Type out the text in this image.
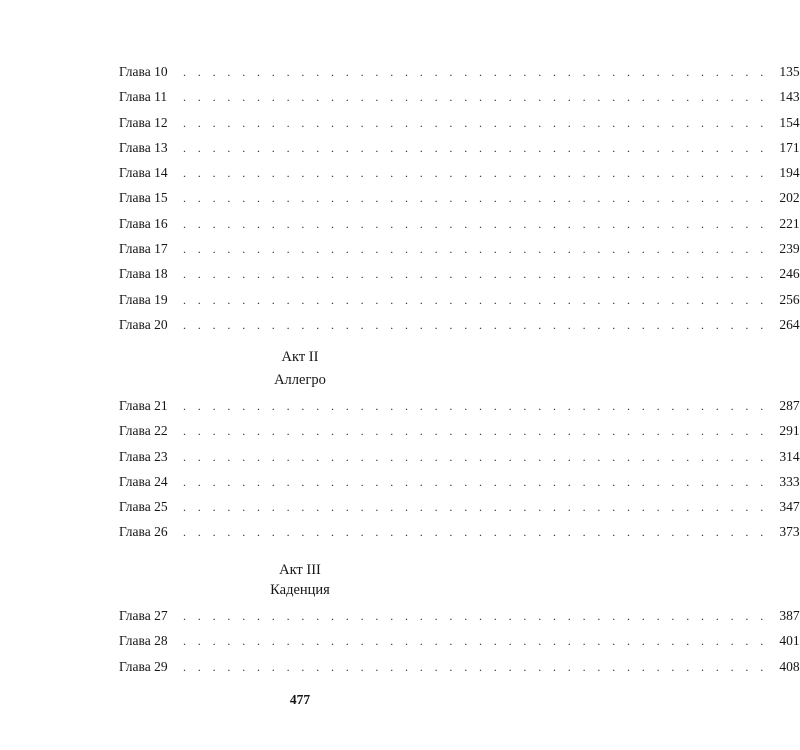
Глава 10	. . . . . . . . . . . . . . . . . . . . . . . . . . . . . . . . . . . . . . . . 135
Глава 11	. . . . . . . . . . . . . . . . . . . . . . . . . . . . . . . . . . . . . . . . 143
Глава 12	. . . . . . . . . . . . . . . . . . . . . . . . . . . . . . . . . . . . . . . . 154
Глава 13	. . . . . . . . . . . . . . . . . . . . . . . . . . . . . . . . . . . . . . . . 171
Глава 14	. . . . . . . . . . . . . . . . . . . . . . . . . . . . . . . . . . . . . . . . 194
Глава 15	. . . . . . . . . . . . . . . . . . . . . . . . . . . . . . . . . . . . . . . . 202
Глава 16	. . . . . . . . . . . . . . . . . . . . . . . . . . . . . . . . . . . . . . . . 221
Глава 17	. . . . . . . . . . . . . . . . . . . . . . . . . . . . . . . . . . . . . . . . 239
Глава 18	. . . . . . . . . . . . . . . . . . . . . . . . . . . . . . . . . . . . . . . . 246
Глава 19	. . . . . . . . . . . . . . . . . . . . . . . . . . . . . . . . . . . . . . . . 256
Глава 20	. . . . . . . . . . . . . . . . . . . . . . . . . . . . . . . . . . . . . . . . 264
Акт II
Аллегро
Глава 21	. . . . . . . . . . . . . . . . . . . . . . . . . . . . . . . . . . . . . . . . 287
Глава 22	. . . . . . . . . . . . . . . . . . . . . . . . . . . . . . . . . . . . . . . . 291
Глава 23	. . . . . . . . . . . . . . . . . . . . . . . . . . . . . . . . . . . . . . . . 314
Глава 24	. . . . . . . . . . . . . . . . . . . . . . . . . . . . . . . . . . . . . . . . 333
Глава 25	. . . . . . . . . . . . . . . . . . . . . . . . . . . . . . . . . . . . . . . . 347
Глава 26	. . . . . . . . . . . . . . . . . . . . . . . . . . . . . . . . . . . . . . . . 373
Акт III
Каденция
Глава 27	. . . . . . . . . . . . . . . . . . . . . . . . . . . . . . . . . . . . . . . . 387
Глава 28	. . . . . . . . . . . . . . . . . . . . . . . . . . . . . . . . . . . . . . . . 401
Глава 29	. . . . . . . . . . . . . . . . . . . . . . . . . . . . . . . . . . . . . . . . 408
477
